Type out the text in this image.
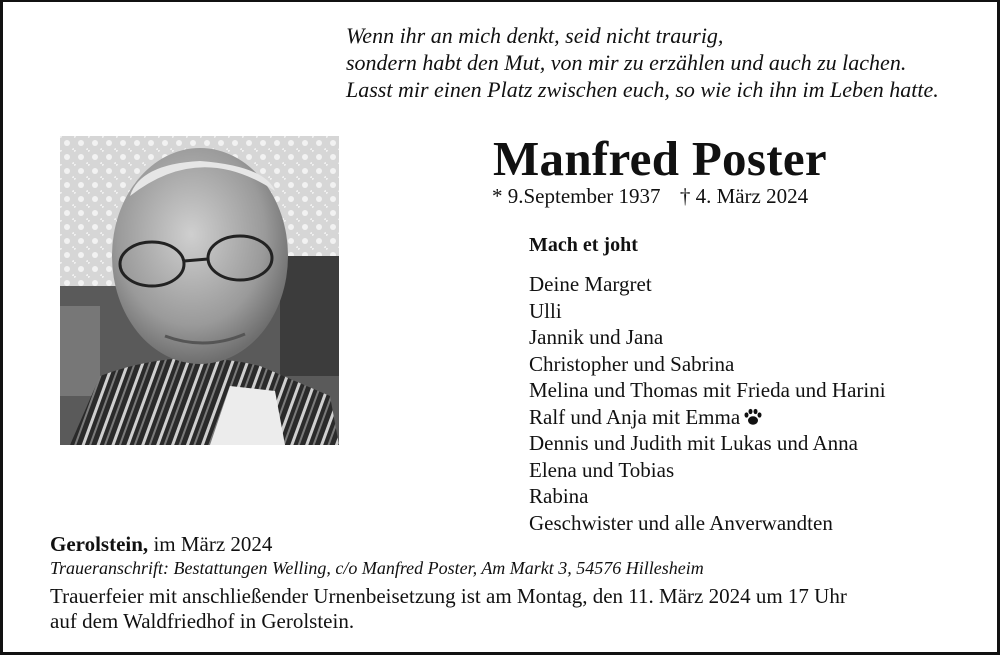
Wenn ihr an mich denkt, seid nicht traurig,
sondern habt den Mut, von mir zu erzählen und auch zu lachen.
Lasst mir einen Platz zwischen euch, so wie ich ihn im Leben hatte.
Manfred Poster
* 9.September 1937 † 4. März 2024
Mach et joht
Deine Margret
Ulli
Jannik und Jana
Christopher und Sabrina
Melina und Thomas mit Frieda und Harini
Ralf und Anja mit Emma
Dennis und Judith mit Lukas und Anna
Elena und Tobias
Rabina
Geschwister und alle Anverwandten
Gerolstein, im März 2024
Traueranschrift: Bestattungen Welling, c/o Manfred Poster, Am Markt 3, 54576 Hillesheim
Trauerfeier mit anschließender Urnenbeisetzung ist am Montag, den 11. März 2024 um 17 Uhr
auf dem Waldfriedhof in Gerolstein.
